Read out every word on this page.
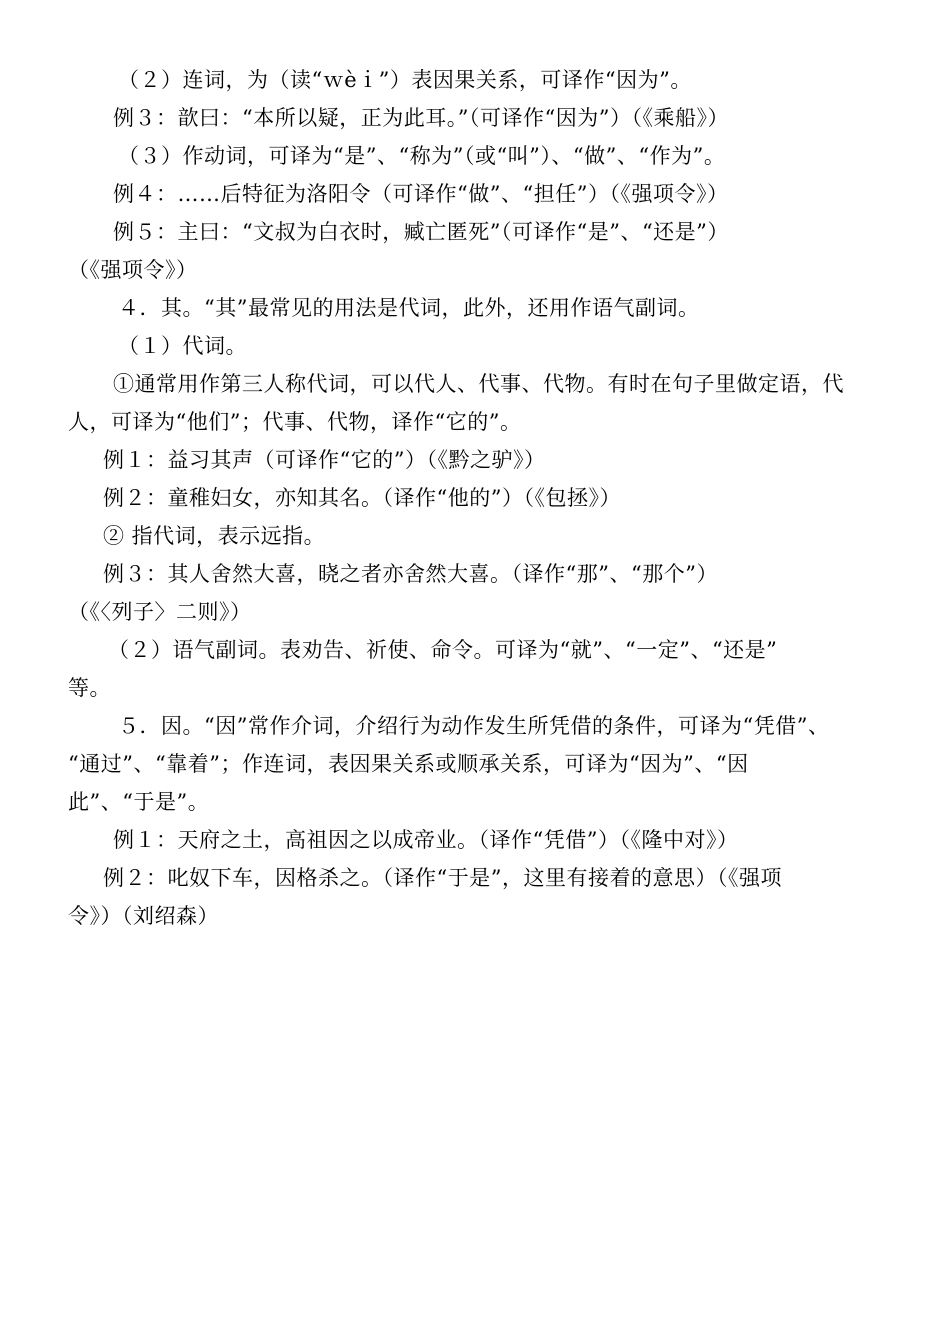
（２）连词，为（读“ｗèｉ”）表因果关系，可译作“因为”。
例３：歆曰：“本所以疑，正为此耳。”（可译作“因为”）（《乘船》）
（３）作动词，可译为“是”、“称为”（或“叫”）、“做”、“作为”。
例４：……后特征为洛阳令（可译作“做”、“担任”）（《强项令》）
例５：主曰：“文叔为白衣时，臧亡匿死”（可译作“是”、“还是”）
（《强项令》）
４．其。“其”最常见的用法是代词，此外，还用作语气副词。
（１）代词。
①通常用作第三人称代词，可以代人、代事、代物。有时在句子里做定语，代
人，可译为“他们”；代事、代物，译作“它的”。
例１：益习其声（可译作“它的”）（《黔之驴》）
例２：童稚妇女，亦知其名。（译作“他的”）（《包拯》）
② 指代词，表示远指。
例３：其人舍然大喜，晓之者亦舍然大喜。（译作“那”、“那个”）
（《〈列子〉二则》）
（２）语气副词。表劝告、祈使、命令。可译为“就”、“一定”、“还是”
等。
５．因。“因”常作介词，介绍行为动作发生所凭借的条件，可译为“凭借”、
“通过”、“靠着”；作连词，表因果关系或顺承关系，可译为“因为”、“因
此”、“于是”。
例１：天府之土，高祖因之以成帝业。（译作“凭借”）（《隆中对》）
例２：叱奴下车，因格杀之。（译作“于是”，这里有接着的意思）（《强项
令》）（刘绍森）
